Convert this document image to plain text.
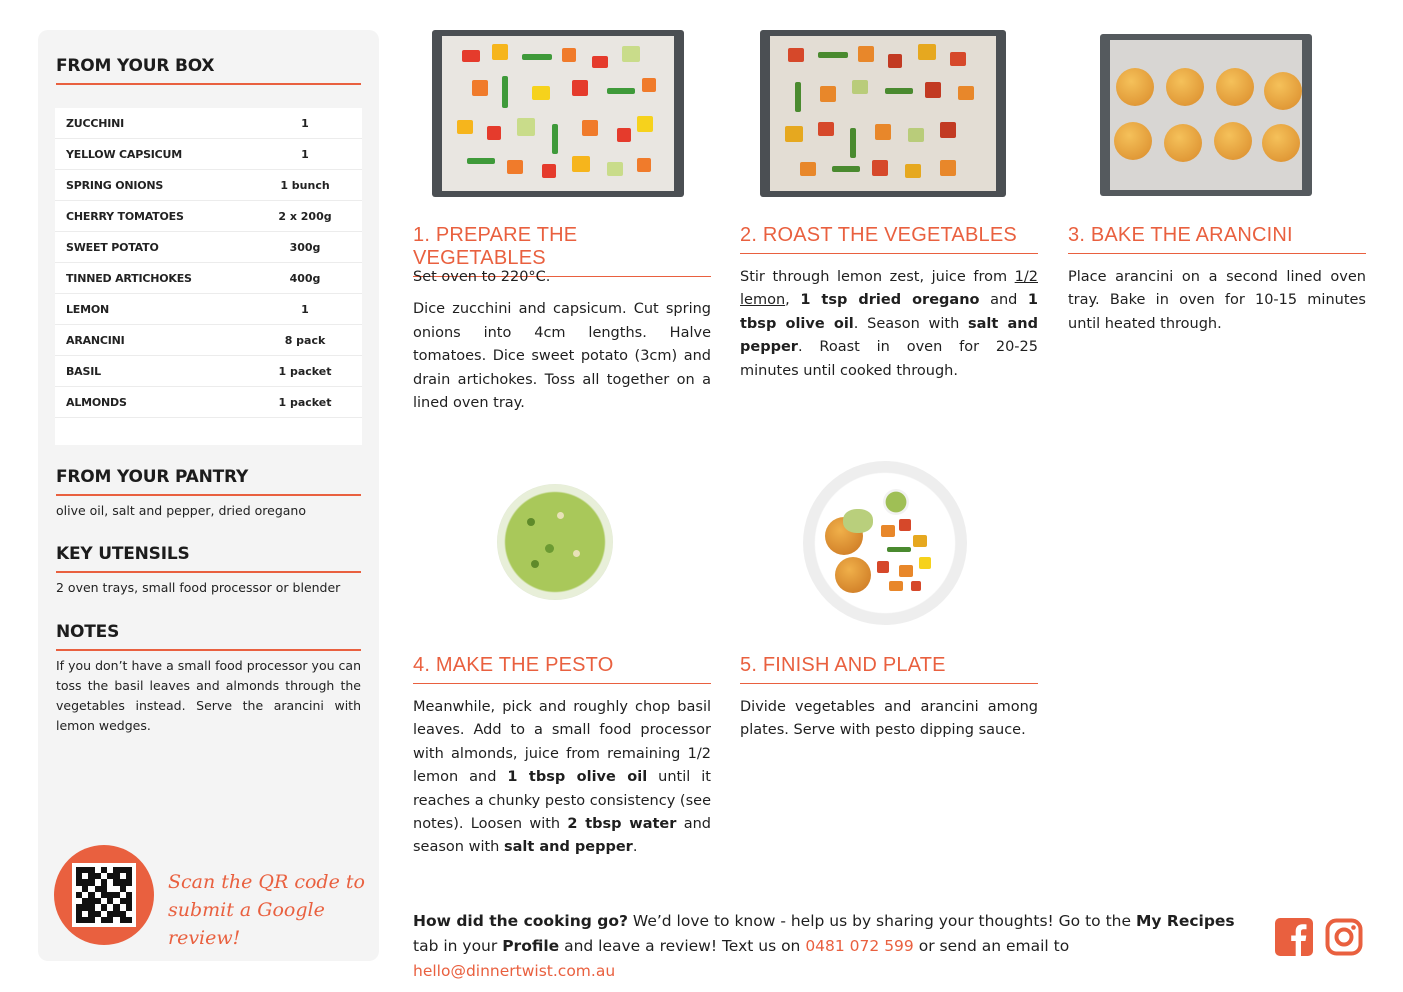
FROM YOUR BOX
ZUCCHINI	1
YELLOW CAPSICUM	1
SPRING ONIONS	1 bunch
CHERRY TOMATOES	2 x 200g
SWEET POTATO	300g
TINNED ARTICHOKES	400g
LEMON	1
ARANCINI	8 pack
BASIL	1 packet
ALMONDS	1 packet
FROM YOUR PANTRY
olive oil, salt and pepper, dried oregano
KEY UTENSILS
2 oven trays, small food processor or blender
NOTES
If you don’t have a small food processor you can toss the basil leaves and almonds through the vegetables instead. Serve the arancini with lemon wedges.
Scan the QR code to
submit a Google review!
1. PREPARE THE VEGETABLES

Set oven to 220°C.

Dice zucchini and capsicum. Cut spring onions into 4cm lengths. Halve tomatoes. Dice sweet potato (3cm) and drain artichokes. Toss all together on a lined oven tray.

2. ROAST THE VEGETABLES

Stir through lemon zest, juice from 1/2 lemon, 1 tsp dried oregano and 1 tbsp olive oil. Season with salt and pepper. Roast in oven for 20-25 minutes until cooked through.

3. BAKE THE ARANCINI

Place arancini on a second lined oven tray. Bake in oven for 10-15 minutes until heated through.

4. MAKE THE PESTO

Meanwhile, pick and roughly chop basil leaves. Add to a small food processor with almonds, juice from remaining 1/2 lemon and 1 tbsp olive oil until it reaches a chunky pesto consistency (see notes). Loosen with 2 tbsp water and season with salt and pepper.

5. FINISH AND PLATE

Divide vegetables and arancini among plates. Serve with pesto dipping sauce.

How did the cooking go? We’d love to know - help us by sharing your thoughts! Go to the My Recipes tab in your Profile and leave a review! Text us on 0481 072 599 or send an email to hello@dinnertwist.com.au
